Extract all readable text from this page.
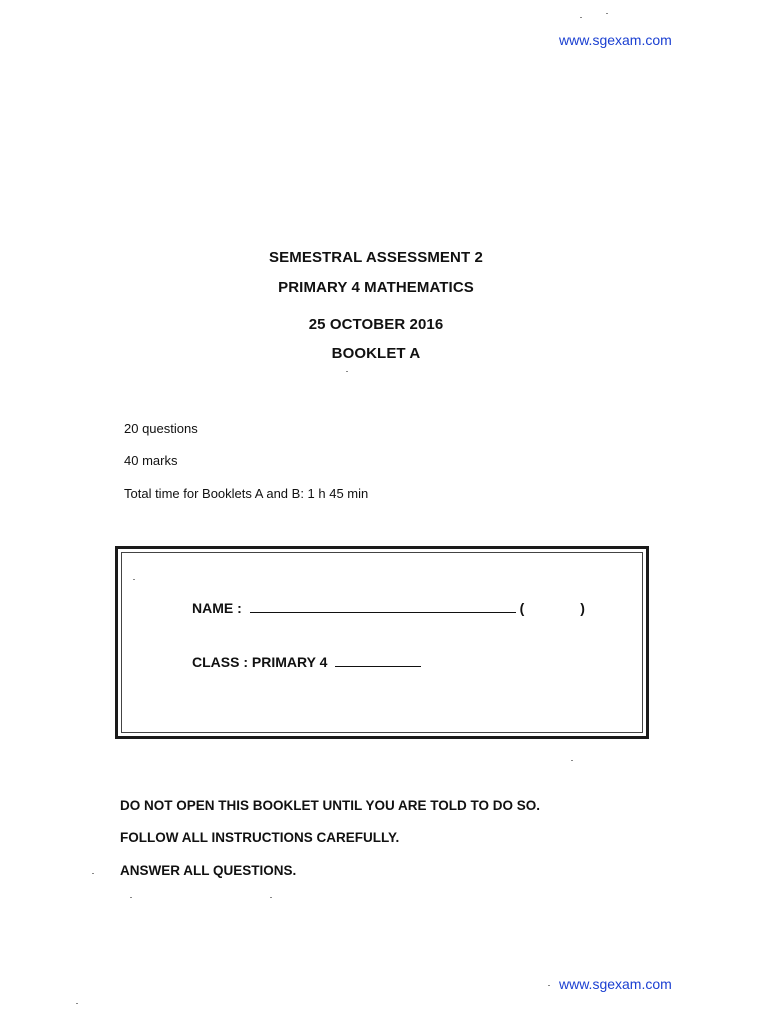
www.sgexam.com
SEMESTRAL ASSESSMENT 2
PRIMARY 4 MATHEMATICS
25 OCTOBER 2016
BOOKLET A
20 questions
40 marks
Total time for Booklets A and B: 1 h 45 min
NAME :	(	)
CLASS : PRIMARY 4
DO NOT OPEN THIS BOOKLET UNTIL YOU ARE TOLD TO DO SO.
FOLLOW ALL INSTRUCTIONS CAREFULLY.
ANSWER ALL QUESTIONS.
www.sgexam.com
